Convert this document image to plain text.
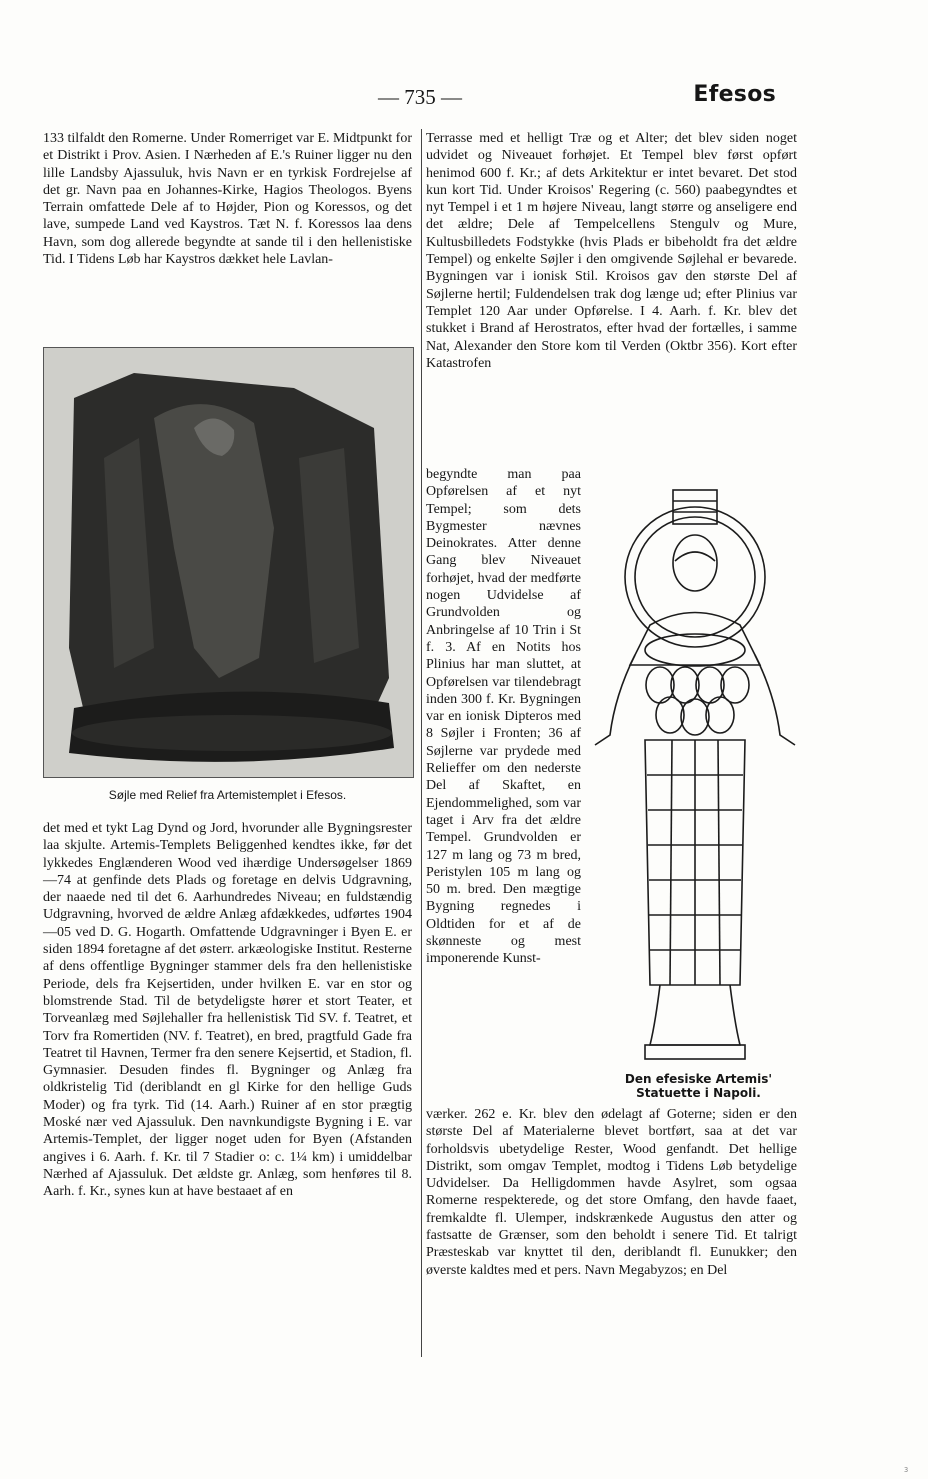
— 735 —	Efesos

133 tilfaldt den Romerne. Under Romerriget var E. Midtpunkt for et Distrikt i Prov. Asien. I Nærheden af E.'s Ruiner ligger nu den lille Landsby Ajassuluk, hvis Navn er en tyrkisk Fordrejelse af det gr. Navn paa en Johannes-Kirke, Hagios Theologos. Byens Terrain omfattede Dele af to Højder, Pion og Koressos, og det lave, sumpede Land ved Kaystros. Tæt N. f. Koressos laa dens Havn, som dog allerede begyndte at sande til i den hellenistiske Tid. I Tidens Løb har Kaystros dækket hele Lavlan-

Søjle med Relief fra Artemistemplet i Efesos.

det med et tykt Lag Dynd og Jord, hvorunder alle Bygningsrester laa skjulte. Artemis-Templets Beliggenhed kendtes ikke, før det lykkedes Englænderen Wood ved ihærdige Undersøgelser 1869—74 at genfinde dets Plads og foretage en delvis Udgravning, der naaede ned til det 6. Aarhundredes Niveau; en fuldstændig Udgravning, hvorved de ældre Anlæg afdækkedes, udførtes 1904—05 ved D. G. Hogarth. Omfattende Udgravninger i Byen E. er siden 1894 foretagne af det østerr. arkæologiske Institut. Resterne af dens offentlige Bygninger stammer dels fra den hellenistiske Periode, dels fra Kejsertiden, under hvilken E. var en stor og blomstrende Stad. Til de betydeligste hører et stort Teater, et Torveanlæg med Søjlehaller fra hellenistisk Tid SV. f. Teatret, et Torv fra Romertiden (NV. f. Teatret), en bred, pragtfuld Gade fra Teatret til Havnen, Termer fra den senere Kejsertid, et Stadion, fl. Gymnasier. Desuden findes fl. Bygninger og Anlæg fra oldkristelig Tid (deriblandt en gl Kirke for den hellige Guds Moder) og fra tyrk. Tid (14. Aarh.) Ruiner af en stor prægtig Moské nær ved Ajassuluk. Den navnkundigste Bygning i E. var Artemis-Templet, der ligger noget uden for Byen (Afstanden angives i 6. Aarh. f. Kr. til 7 Stadier o: c. 1¼ km) i umiddelbar Nærhed af Ajassuluk. Det ældste gr. Anlæg, som henføres til 8. Aarh. f. Kr., synes kun at have bestaaet af en

Terrasse med et helligt Træ og et Alter; det blev siden noget udvidet og Niveauet forhøjet. Et Tempel blev først opført henimod 600 f. Kr.; af dets Arkitektur er intet bevaret. Det stod kun kort Tid. Under Kroisos' Regering (c. 560) paabegyndtes et nyt Tempel i et 1 m højere Niveau, langt større og anseligere end det ældre; Dele af Tempelcellens Stengulv og Mure, Kultusbilledets Fodstykke (hvis Plads er bibeholdt fra det ældre Tempel) og enkelte Søjler i den omgivende Søjlehal er bevarede. Bygningen var i ionisk Stil. Kroisos gav den største Del af Søjlerne hertil; Fuldendelsen trak dog længe ud; efter Plinius var Templet 120 Aar under Opførelse. I 4. Aarh. f. Kr. blev det stukket i Brand af Herostratos, efter hvad der fortælles, i samme Nat, Alexander den Store kom til Verden (Oktbr 356). Kort efter Katastrofen

begyndte man paa Opførelsen af et nyt Tempel; som dets Bygmester nævnes Deinokrates. Atter denne Gang blev Niveauet forhøjet, hvad der medførte nogen Udvidelse af Grundvolden og Anbringelse af 10 Trin i St f. 3. Af en Notits hos Plinius har man sluttet, at Opførelsen var tilendebragt inden 300 f. Kr. Bygningen var en ionisk Dipteros med 8 Søjler i Fronten; 36 af Søjlerne var prydede med Relieffer om den nederste Del af Skaftet, en Ejendommelighed, som var taget i Arv fra det ældre Tempel. Grundvolden er 127 m lang og 73 m bred, Peristylen 105 m lang og 50 m. bred. Den mægtige Bygning regnedes i Oldtiden for et af de skønneste og mest imponerende Kunst-

Den efesiske Artemis' Statuette i Napoli.

værker. 262 e. Kr. blev den ødelagt af Goterne; siden er den største Del af Materialerne blevet bortført, saa at det var forholdsvis ubetydelige Rester, Wood genfandt. Det hellige Distrikt, som omgav Templet, modtog i Tidens Løb betydelige Udvidelser. Da Helligdommen havde Asylret, som ogsaa Romerne respekterede, og det store Omfang, den havde faaet, fremkaldte fl. Ulemper, indskrænkede Augustus den atter og fastsatte de Grænser, som den beholdt i senere Tid. Et talrigt Præsteskab var knyttet til den, deriblandt fl. Eunukker; den øverste kaldtes med et pers. Navn Megabyzos; en Del

3
